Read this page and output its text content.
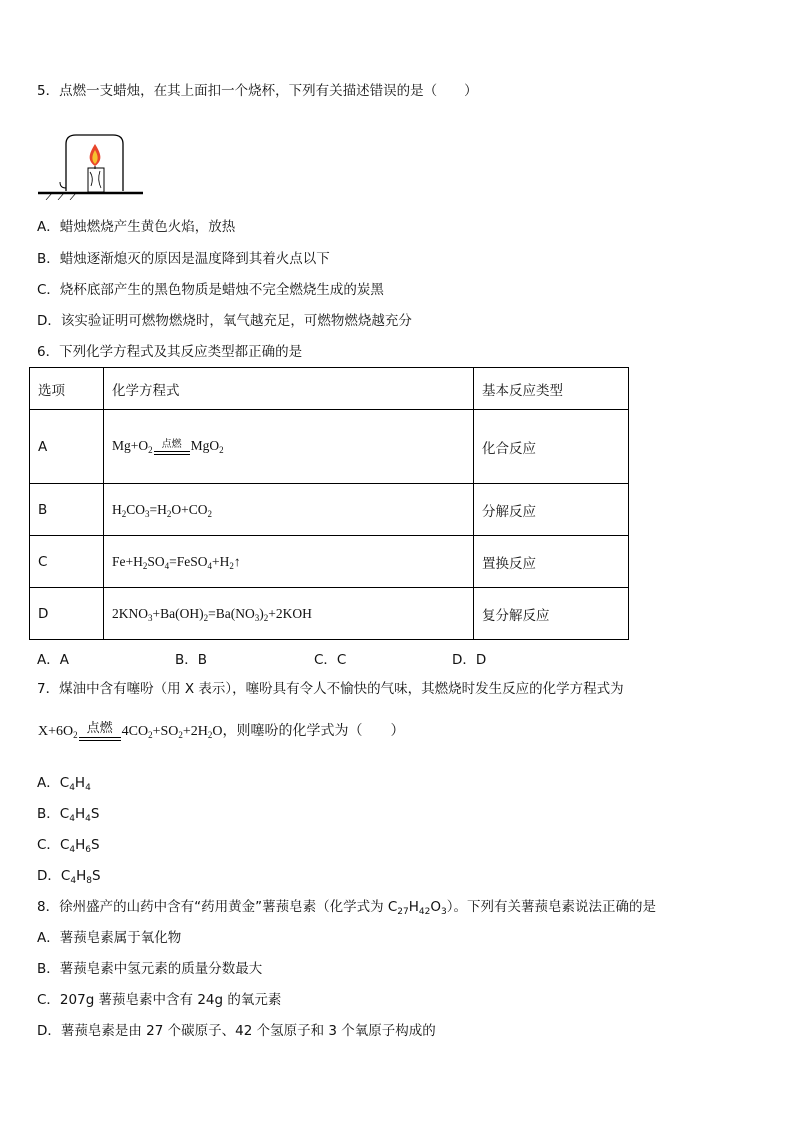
5．点燃一支蜡烛，在其上面扣一个烧杯，下列有关描述错误的是（　　）
A．蜡烛燃烧产生黄色火焰，放热
B．蜡烛逐渐熄灭的原因是温度降到其着火点以下
C．烧杯底部产生的黑色物质是蜡烛不完全燃烧生成的炭黑
D．该实验证明可燃物燃烧时，氧气越充足，可燃物燃烧越充分
6．下列化学方程式及其反应类型都正确的是
选项	化学方程式	基本反应类型
A	$Mg+O_2$点燃 MgO$_2$	化合反应
B	$H_2CO_3=H_2O+CO_2$	分解反应
C	$Fe+H_2SO_4=FeSO_4+H_2↑$	置换反应
D	$2KNO_3+Ba(OH)_2=Ba(NO_3)_2+2KOH$	复分解反应
A．A	B．B	C．C	D．D
7．煤油中含有噻吩（用 X 表示），噻吩具有令人不愉快的气味，其燃烧时发生反应的化学方程式为
$X+6O_2$ 点燃 $4CO_2+SO_2+2H_2O$，则噻吩的化学式为（　　）
A．$C_4H_4$
B．$C_4H_4S$
C．$C_4H_6S$
D．$C_4H_8S$
8．徐州盛产的山药中含有“药用黄金”薯蓣皂素（化学式为 $C_{27}H_{42}O_3$）。下列有关薯蓣皂素说法正确的是
A．薯蓣皂素属于氧化物
B．薯蓣皂素中氢元素的质量分数最大
C．207g 薯蓣皂素中含有 24g 的氧元素
D．薯蓣皂素是由 27 个碳原子、42 个氢原子和 3 个氧原子构成的
